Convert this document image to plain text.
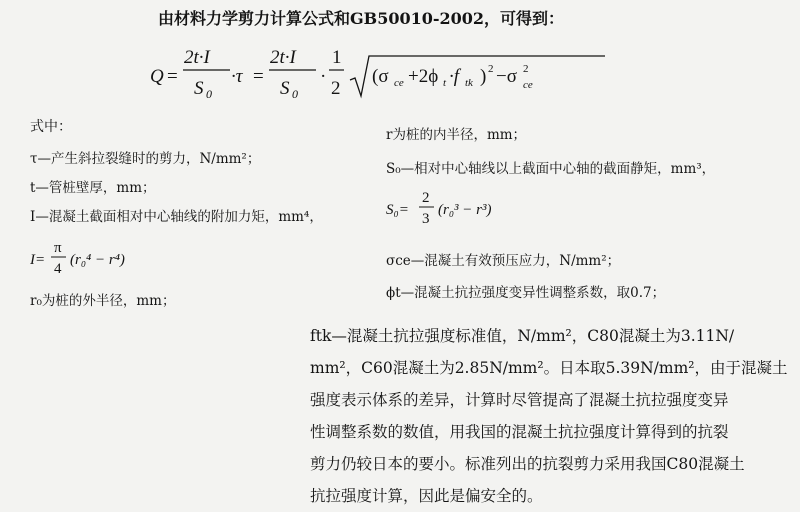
由材料力学剪力计算公式和GB50010-2002，可得到：
Q =
2t·I
S 0
·τ =
2t·I
S 0
·
1
2
(σ ce +2ϕ t ·f tk ) 2 −σ 2
ce
式中：
τ—产生斜拉裂缝时的剪力，N/mm²；
t—管桩壁厚，mm；
I—混凝土截面相对中心轴线的附加力矩，mm⁴，
I=
π
4
(r₀⁴ − r⁴)
r₀为桩的外半径，mm；
r为桩的内半径，mm；
S₀—相对中心轴线以上截面中心轴的截面静矩，mm³，
S₀=
2
3
(r₀³ − r³)
σce—混凝土有效预压应力，N/mm²；
ϕt—混凝土抗拉强度变异性调整系数，取0.7；
ftk—混凝土抗拉强度标准值，N/mm²，C80混凝土为3.11N/
mm²，C60混凝土为2.85N/mm²。日本取5.39N/mm²，由于混凝土
强度表示体系的差异，计算时尽管提高了混凝土抗拉强度变异
性调整系数的数值，用我国的混凝土抗拉强度计算得到的抗裂
剪力仍较日本的要小。标准列出的抗裂剪力采用我国C80混凝土
抗拉强度计算，因此是偏安全的。
